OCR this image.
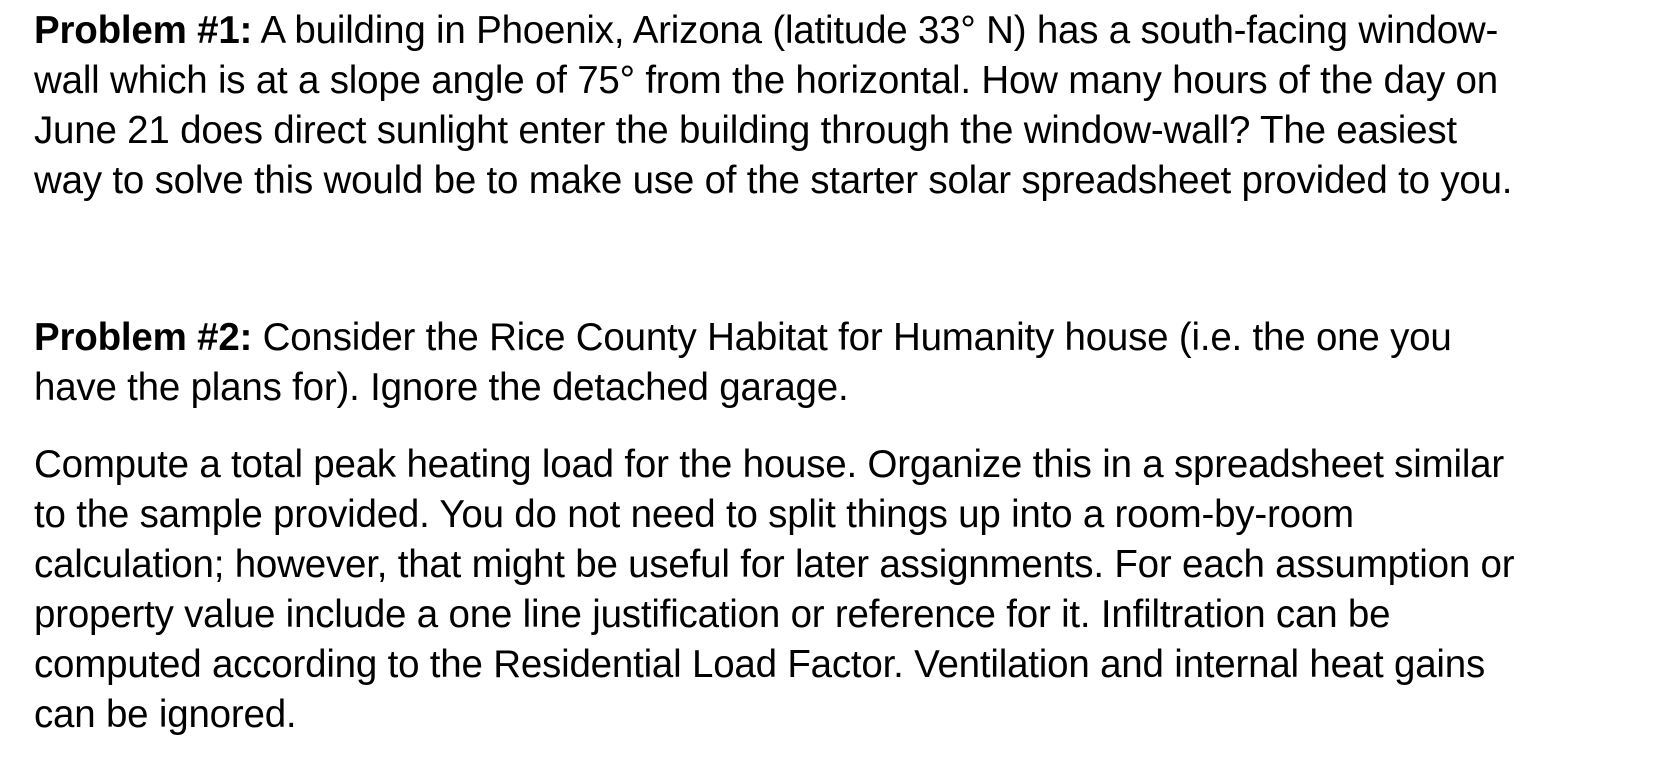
Problem #1: A building in Phoenix, Arizona (latitude 33° N) has a south-facing window-
wall which is at a slope angle of 75° from the horizontal. How many hours of the day on
June 21 does direct sunlight enter the building through the window-wall? The easiest
way to solve this would be to make use of the starter solar spreadsheet provided to you.

Problem #2: Consider the Rice County Habitat for Humanity house (i.e. the one you
have the plans for). Ignore the detached garage.

Compute a total peak heating load for the house. Organize this in a spreadsheet similar
to the sample provided. You do not need to split things up into a room-by-room
calculation; however, that might be useful for later assignments. For each assumption or
property value include a one line justification or reference for it. Infiltration can be
computed according to the Residential Load Factor. Ventilation and internal heat gains
can be ignored.
